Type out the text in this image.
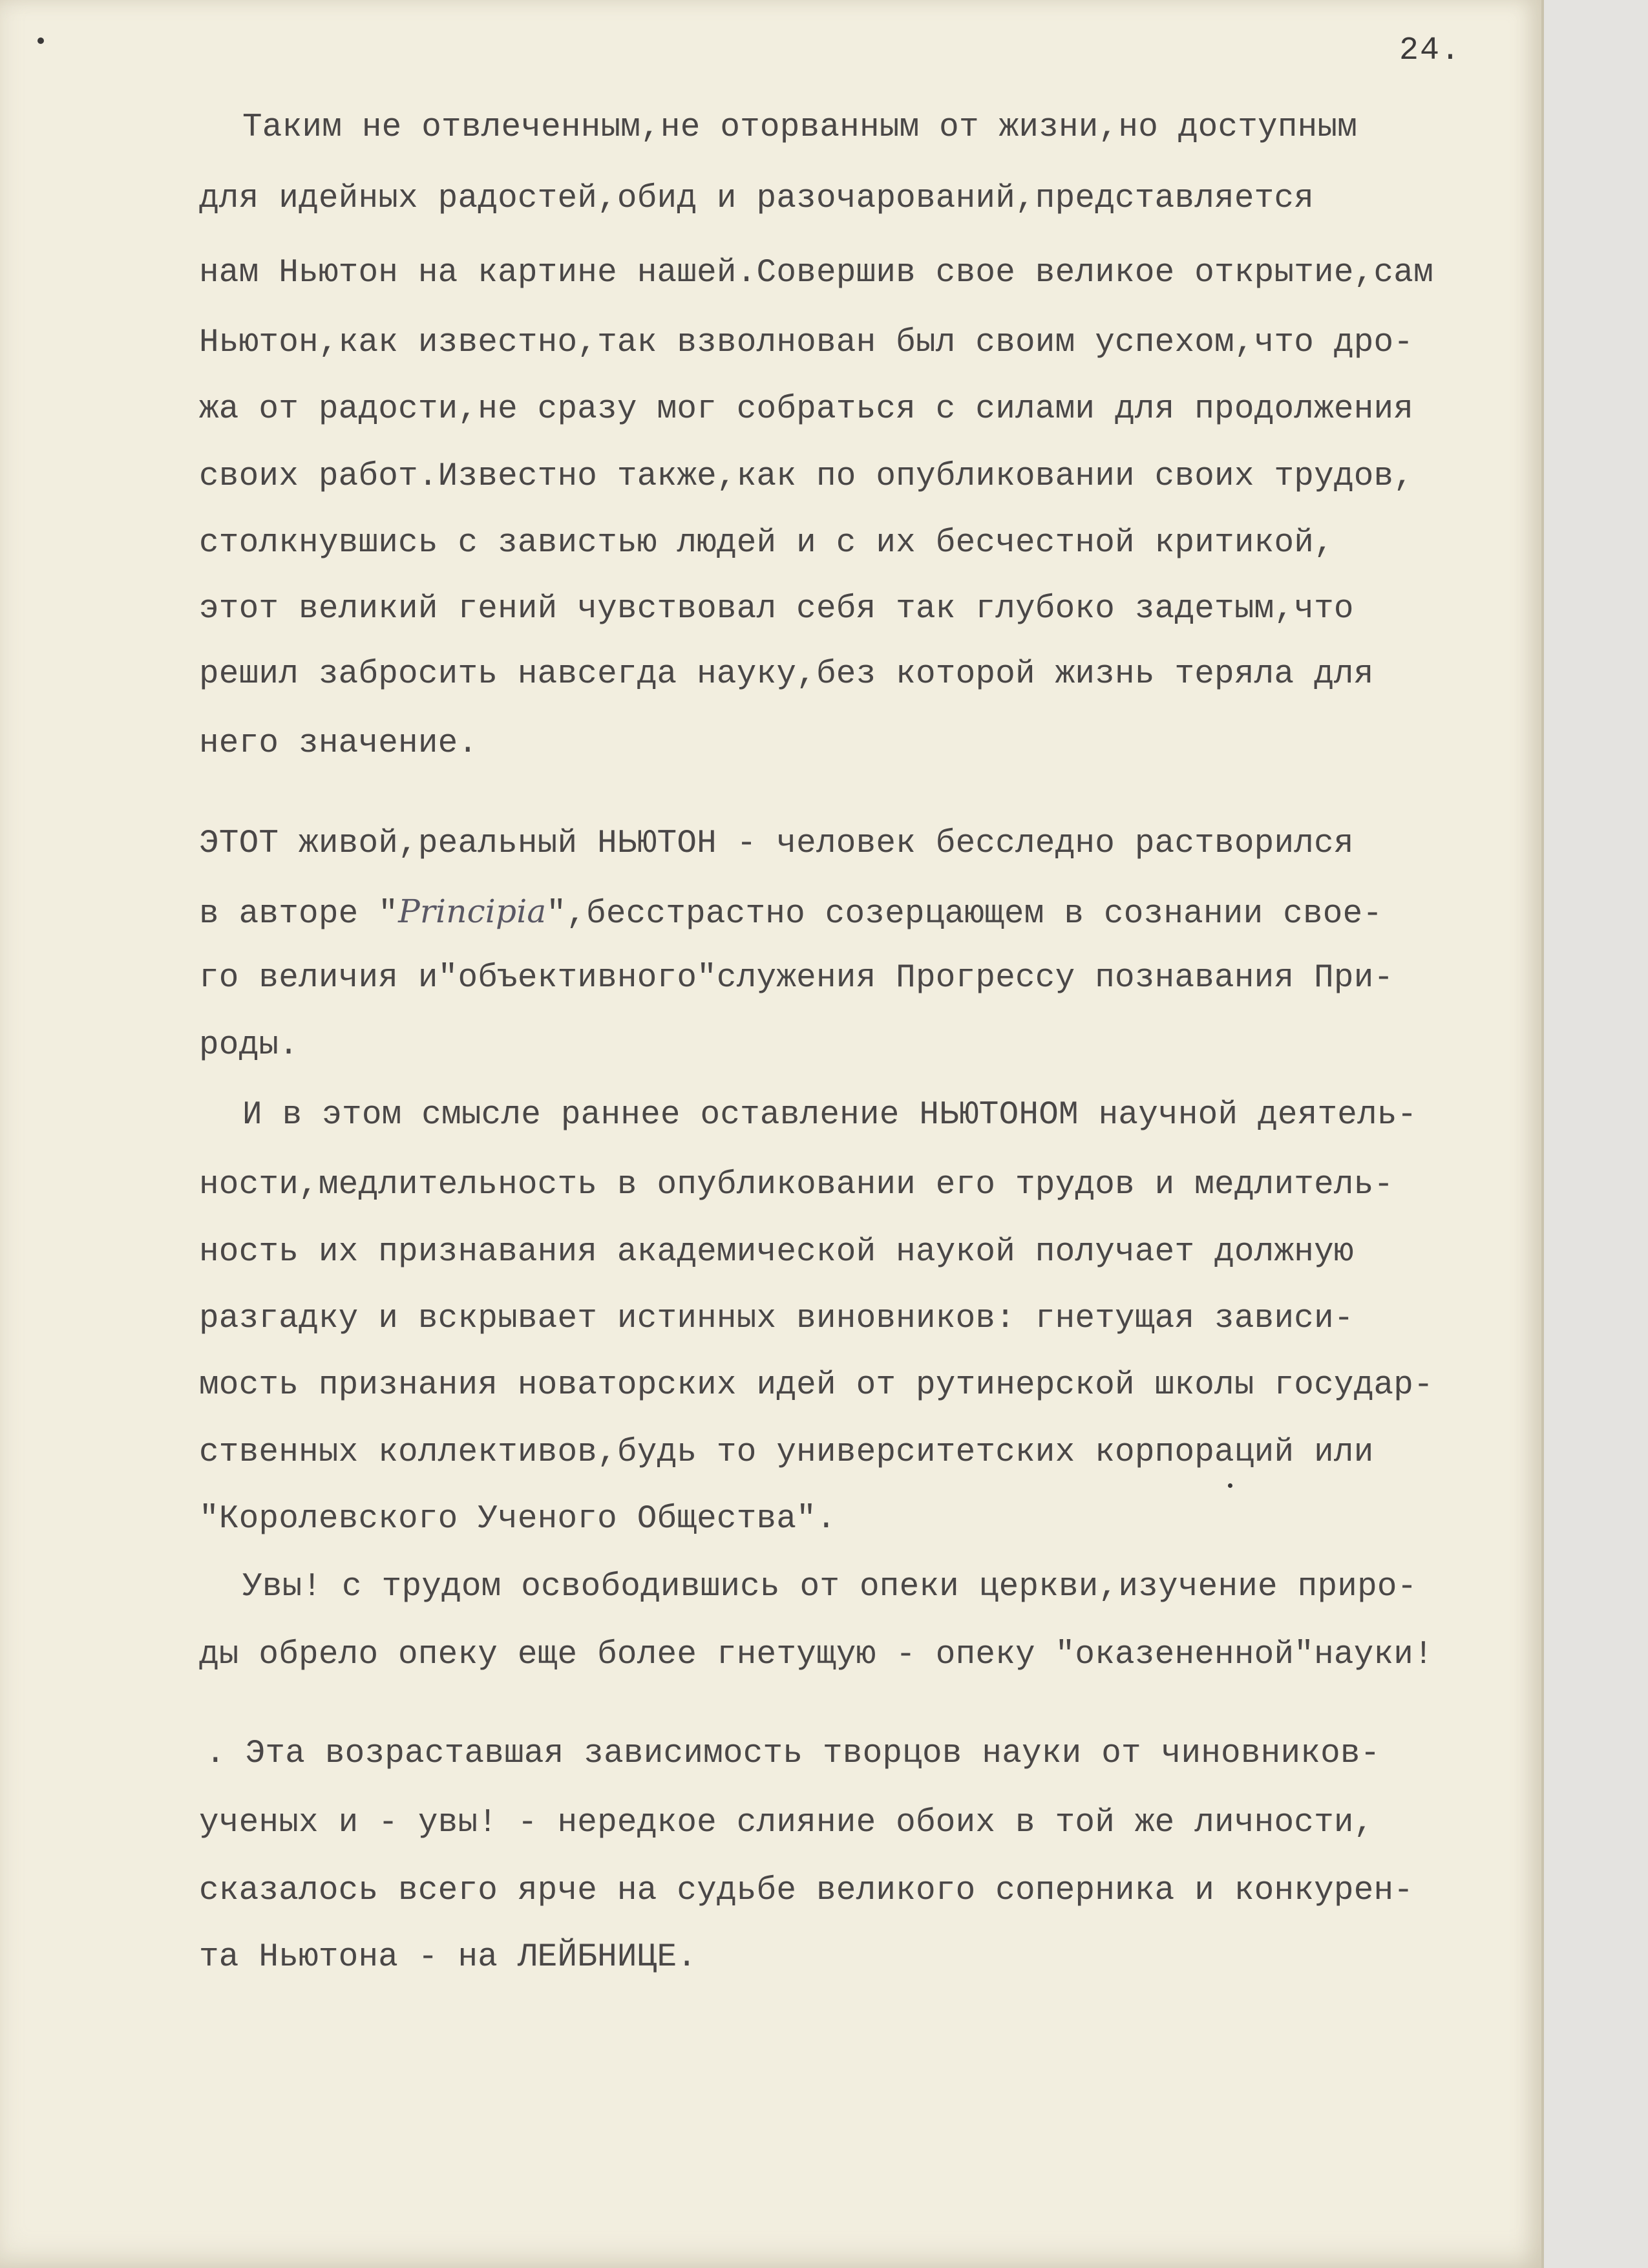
24.
Таким не отвлеченным,не оторванным от жизни,но доступным
для идейных радостей,обид и разочарований,представляется
нам Ньютон на картине нашей.Совершив свое великое открытие,сам
Ньютон,как известно,так взволнован был своим успехом,что дро-
жа от радости,не сразу мог собраться с силами для продолжения
своих работ.Известно также,как по опубликовании своих трудов,
столкнувшись с завистью людей и с их бесчестной критикой,
этот великий гений чувствовал себя так глубоко задетым,что
решил забросить навсегда науку,без которой жизнь теряла для
него значение.
ЭТОТ живой,реальный НЬЮТОН - человек бесследно растворился
в авторе "Principia",бесстрастно созерцающем в сознании свое-
го величия и"объективного"служения Прогрессу познавания При-
роды.
И в этом смысле раннее оставление НЬЮТОНОМ научной деятель-
ности,медлительность в опубликовании его трудов и медлитель-
ность их признавания академической наукой получает должную
разгадку и вскрывает истинных виновников: гнетущая зависи-
мость признания новаторских идей от рутинерской школы государ-
ственных коллективов,будь то университетских корпораций или
"Королевского Ученого Общества".
Увы! с трудом освободившись от опеки церкви,изучение приро-
ды обрело опеку еще более гнетущую - опеку "оказененной"науки!
. Эта возраставшая зависимость творцов науки от чиновников-
ученых и - увы! - нередкое слияние обоих в той же личности,
сказалось всего ярче на судьбе великого соперника и конкурен-
та Ньютона - на ЛЕЙБНИЦЕ.
